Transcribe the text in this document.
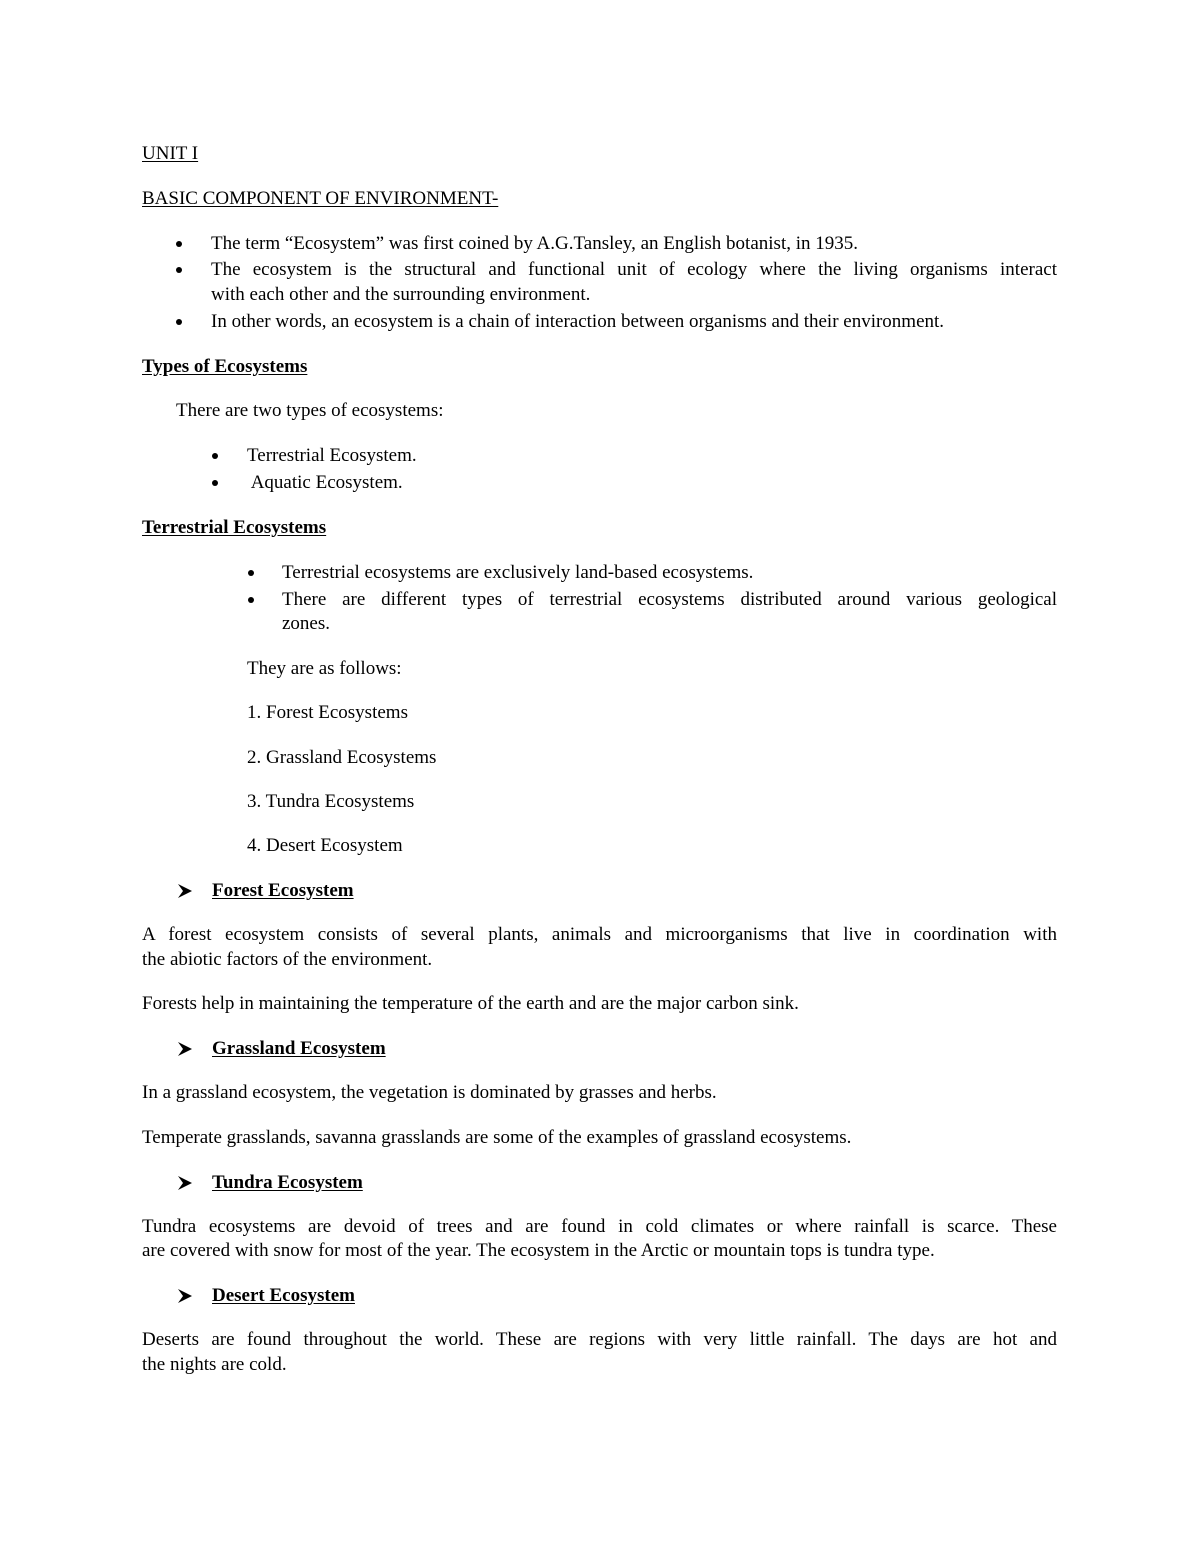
UNIT I

BASIC COMPONENT OF ENVIRONMENT-

The term “Ecosystem” was first coined by A.G.Tansley, an English botanist, in 1935.

The ecosystem is the structural and functional unit of ecology where the living organisms interact

with each other and the surrounding environment.

In other words, an ecosystem is a chain of interaction between organisms and their environment.

Types of Ecosystems

There are two types of ecosystems:

Terrestrial Ecosystem.

Aquatic Ecosystem.

Terrestrial Ecosystems

Terrestrial ecosystems are exclusively land-based ecosystems.

There are different types of terrestrial ecosystems distributed around various geological

zones.

They are as follows:

1. Forest Ecosystems

2. Grassland Ecosystems

3. Tundra Ecosystems

4. Desert Ecosystem

Forest Ecosystem

A forest ecosystem consists of several plants, animals and microorganisms that live in coordination with

the abiotic factors of the environment.

Forests help in maintaining the temperature of the earth and are the major carbon sink.

Grassland Ecosystem

In a grassland ecosystem, the vegetation is dominated by grasses and herbs.

Temperate grasslands, savanna grasslands are some of the examples of grassland ecosystems.

Tundra Ecosystem

Tundra ecosystems are devoid of trees and are found in cold climates or where rainfall is scarce. These

are covered with snow for most of the year. The ecosystem in the Arctic or mountain tops is tundra type.

Desert Ecosystem

Deserts are found throughout the world. These are regions with very little rainfall. The days are hot and

the nights are cold.
